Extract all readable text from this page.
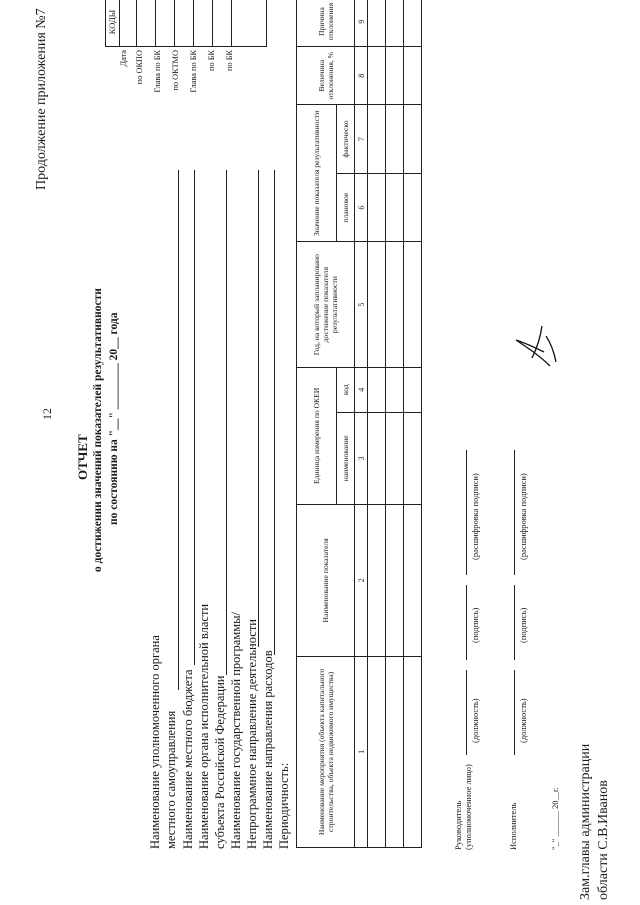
12
Продолжение приложения №7
ОТЧЕТ о достижении значений показателей результативности по состоянию на "__" ________ 20__ года
Наименование уполномоченного органа местного самоуправления Наименование местного бюджета Наименование органа исполнительной власти субъекта Российской Федерации Наименование государственной программы/ Непрограммное направление деятельности Наименование направления расходов Периодичность:
Дата по ОКПО	Глава по БК	по ОКТМО	Глава по БК	по БК	по БК
КОДЫ
Наименование мероприятия (объекта капитального строительства, объекта недвижимого имущества)	Наименование показателя	Единица измерения по ОКЕИ		Год, на который запланировано достижение показателя результативности	Значение показателя результативности		Величина отклонения, %	Причина отклонения
		наименование	код		плановое	фактическо		
1	2	3	4	5	6	7	8	9

Руководитель (уполномоченное лицо)
(должность)
(подпись)
(расшифровка подписи)
Исполнитель
(должность)
(подпись)
(расшифровка подписи)
"_" ______ 20__г. Зам.главы администрации области С.В.Иванов
